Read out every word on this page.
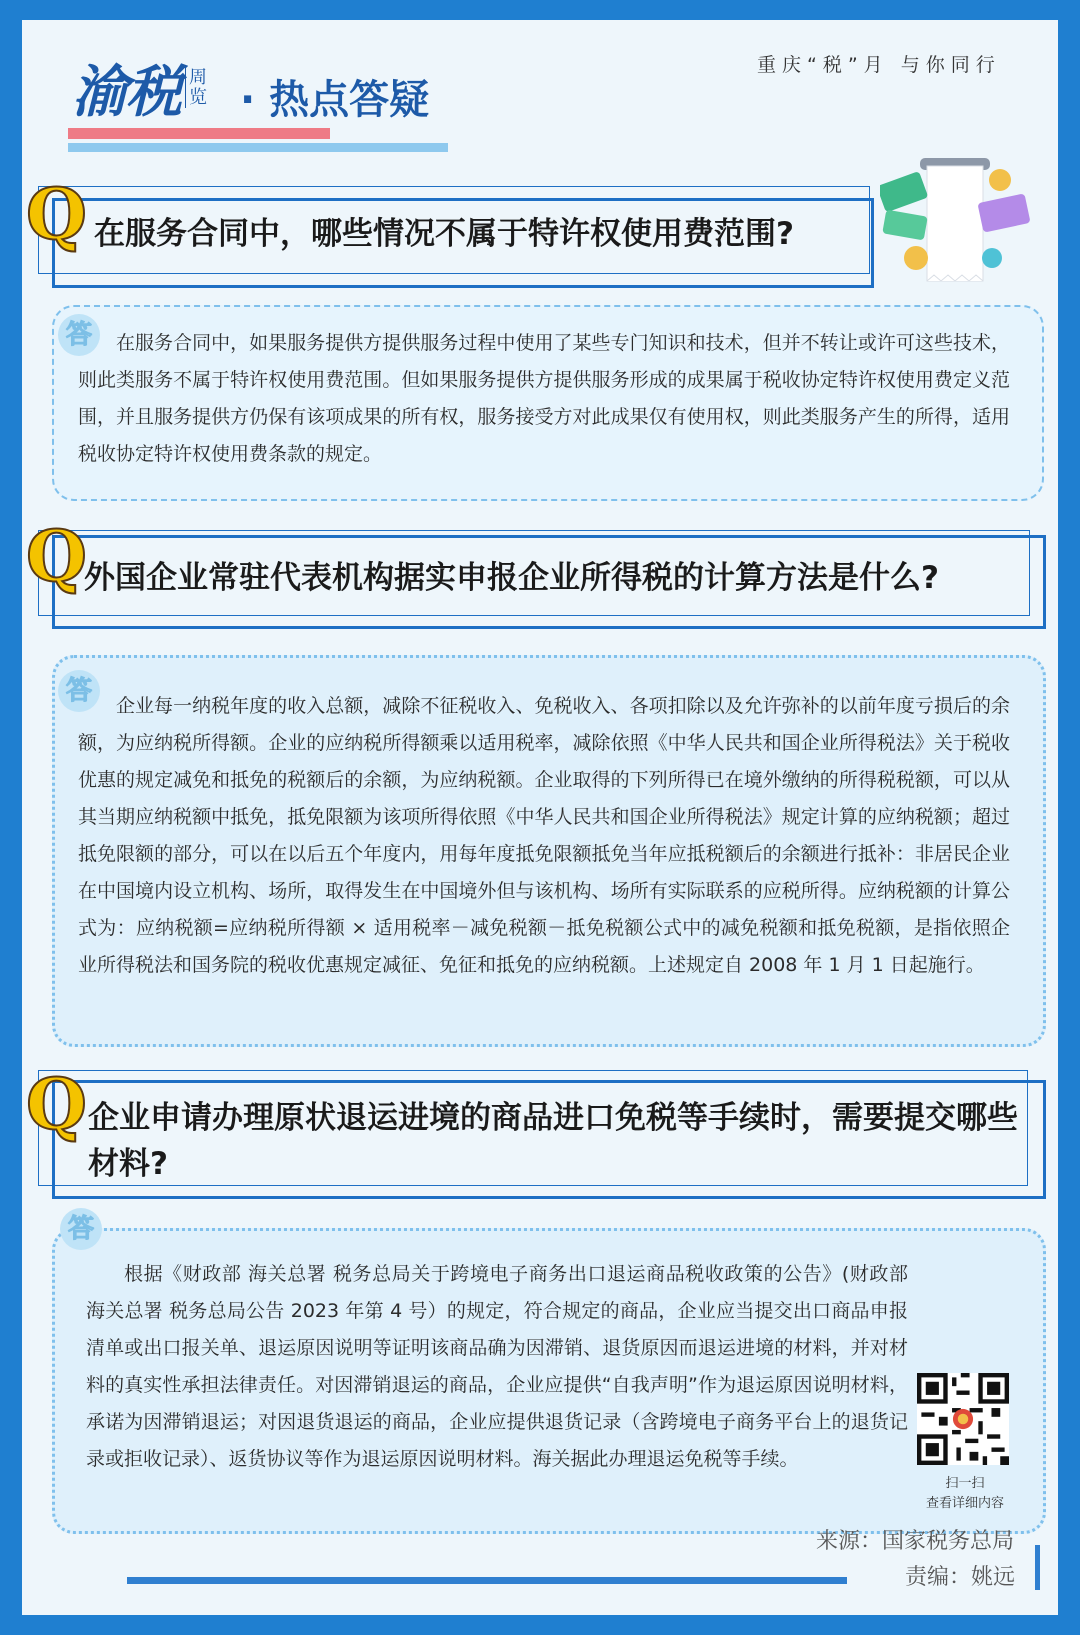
渝税 周览 · 热点答疑
重庆“税”月 与你同行
Q 在服务合同中，哪些情况不属于特许权使用费范围?
答	在服务合同中，如果服务提供方提供服务过程中使用了某些专门知识和技术，但并不转让或许可这些技术，则此类服务不属于特许权使用费范围。但如果服务提供方提供服务形成的成果属于税收协定特许权使用费定义范围，并且服务提供方仍保有该项成果的所有权，服务接受方对此成果仅有使用权，则此类服务产生的所得，适用税收协定特许权使用费条款的规定。
Q
外国企业常驻代表机构据实申报企业所得税的计算方法是什么?
答	企业每一纳税年度的收入总额，减除不征税收入、免税收入、各项扣除以及允许弥补的以前年度亏损后的余额，为应纳税所得额。企业的应纳税所得额乘以适用税率，减除依照《中华人民共和国企业所得税法》关于税收优惠的规定减免和抵免的税额后的余额，为应纳税额。企业取得的下列所得已在境外缴纳的所得税税额，可以从其当期应纳税额中抵免，抵免限额为该项所得依照《中华人民共和国企业所得税法》规定计算的应纳税额；超过抵免限额的部分，可以在以后五个年度内，用每年度抵免限额抵免当年应抵税额后的余额进行抵补：非居民企业在中国境内设立机构、场所，取得发生在中国境外但与该机构、场所有实际联系的应税所得。应纳税额的计算公式为：应纳税额=应纳税所得额 × 适用税率－减免税额－抵免税额公式中的减免税额和抵免税额，是指依照企业所得税法和国务院的税收优惠规定减征、免征和抵免的应纳税额。上述规定自 2008 年 1 月 1 日起施行。
Q 企业申请办理原状退运进境的商品进口免税等手续时，需要提交哪些材料?
答
根据《财政部 海关总署 税务总局关于跨境电子商务出口退运商品税收政策的公告》(财政部 海关总署 税务总局公告 2023 年第 4 号）的规定，符合规定的商品，企业应当提交出口商品申报清单或出口报关单、退运原因说明等证明该商品确为因滞销、退货原因而退运进境的材料，并对材料的真实性承担法律责任。对因滞销退运的商品，企业应提供“自我声明”作为退运原因说明材料，承诺为因滞销退运；对因退货退运的商品，企业应提供退货记录（含跨境电子商务平台上的退货记录或拒收记录）、返货协议等作为退运原因说明材料。海关据此办理退运免税等手续。
扫一扫
查看详细内容
来源：国家税务总局
责编：姚远
